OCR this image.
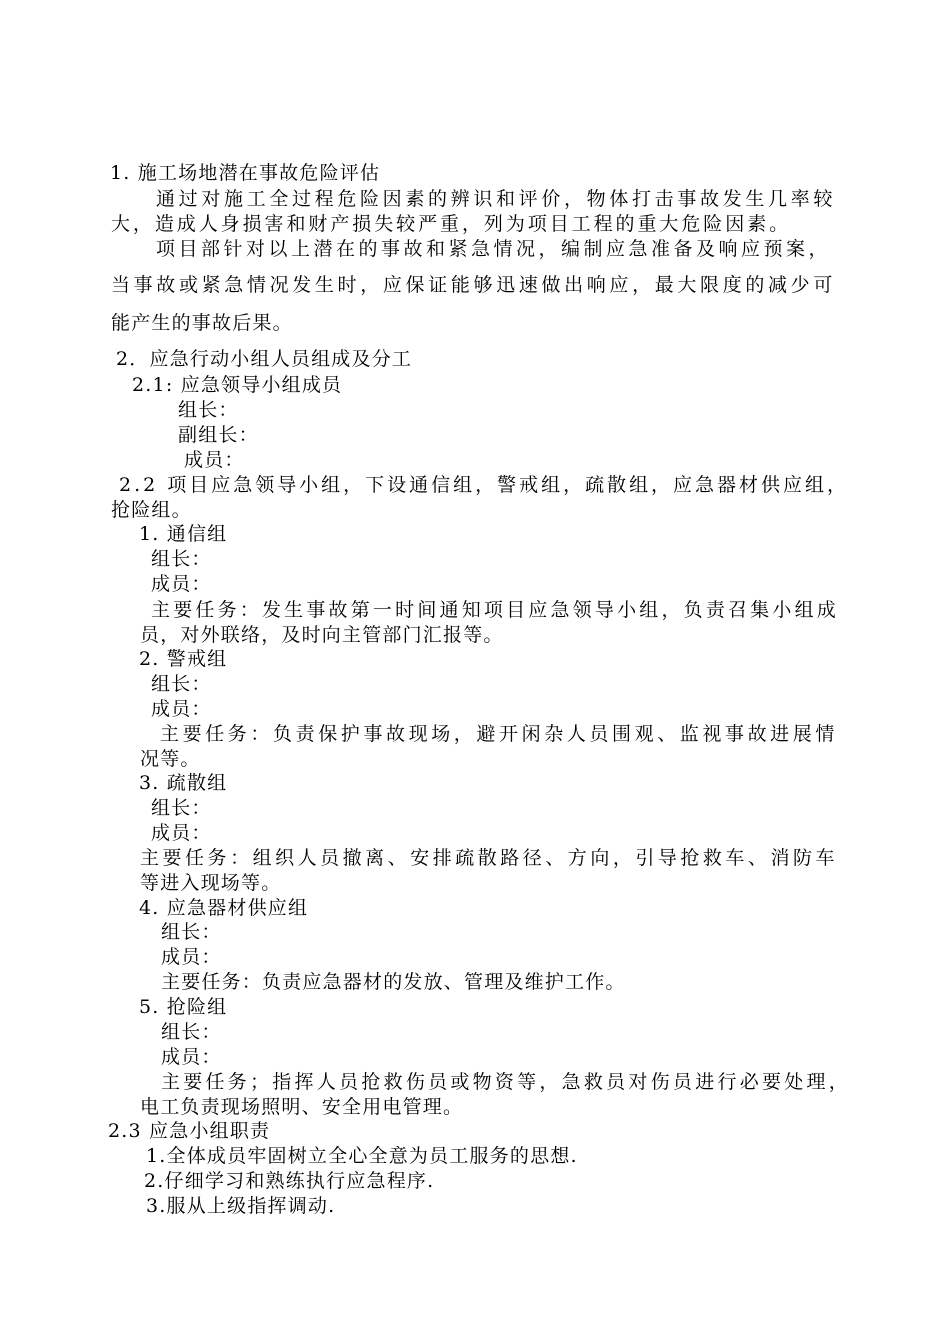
1. 施工场地潜在事故危险评估
通过对施工全过程危险因素的辨识和评价，物体打击事故发生几率较
大，造成人身损害和财产损失较严重，列为项目工程的重大危险因素。
项目部针对以上潜在的事故和紧急情况，编制应急准备及响应预案，
当事故或紧急情况发生时，应保证能够迅速做出响应，最大限度的减少可
能产生的事故后果。
2．应急行动小组人员组成及分工
2.1: 应急领导小组成员
组长：
副组长：
成员：
2.2 项目应急领导小组，下设通信组，警戒组，疏散组，应急器材供应组，
抢险组。
1. 通信组
组长：
成员：
主要任务：发生事故第一时间通知项目应急领导小组，负责召集小组成
员，对外联络，及时向主管部门汇报等。
2. 警戒组
组长：
成员：
主要任务：负责保护事故现场，避开闲杂人员围观、监视事故进展情
况等。
3. 疏散组
组长：
成员：
主要任务：组织人员撤离、安排疏散路径、方向，引导抢救车、消防车
等进入现场等。
4. 应急器材供应组
组长：
成员：
主要任务：负责应急器材的发放、管理及维护工作。
5. 抢险组
组长：
成员：
主要任务；指挥人员抢救伤员或物资等，急救员对伤员进行必要处理，
电工负责现场照明、安全用电管理。
2.3 应急小组职责
1.全体成员牢固树立全心全意为员工服务的思想.
2.仔细学习和熟练执行应急程序.
3.服从上级指挥调动.
